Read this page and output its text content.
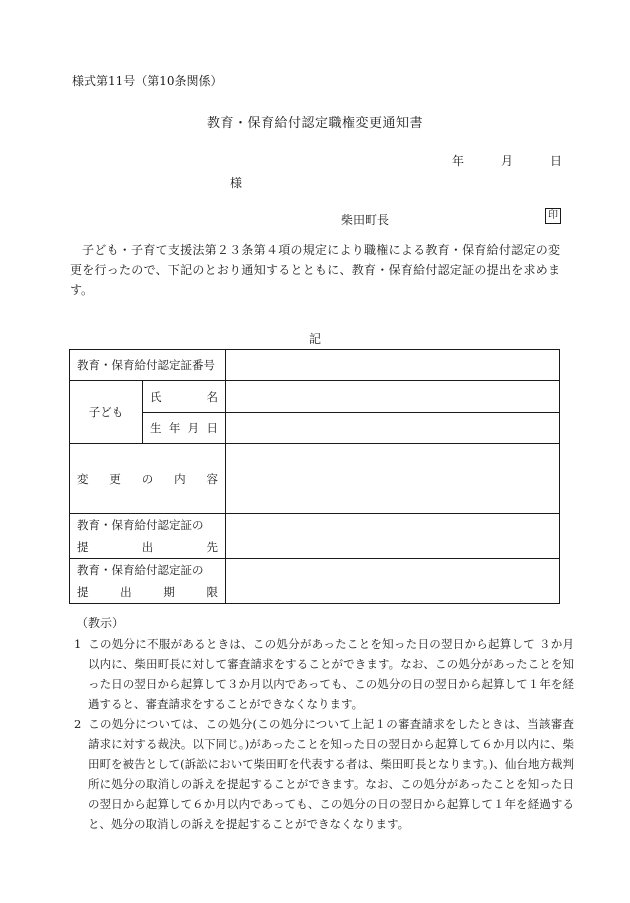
様式第11号（第10条関係）
教育・保育給付認定職権変更通知書
年	月	日
様
柴田町長	印
子ども・子育て支援法第２３条第４項の規定により職権による教育・保育給付認定の変更を行ったので、下記のとおり通知するとともに、教育・保育給付認定証の提出を求めます。
記
教育・保育給付認定証番号		
子ども	氏 名	

	生 年 月 日	

変 更 の 内 容		

教育・保育給付認定証の
提 出 先		

教育・保育給付認定証の
提 出 期 限		

（教示）
1 この処分に不服があるときは、この処分があったことを知った日の翌日から起算して ３か月以内に、柴田町長に対して審査請求をすることができます。なお、この処分があったことを知った日の翌日から起算して３か月以内であっても、この処分の日の翌日から起算して１年を経過すると、審査請求をすることができなくなります。
2 この処分については、この処分(この処分について上記１の審査請求をしたときは、当該審査請求に対する裁決。以下同じ。)があったことを知った日の翌日から起算して６か月以内に、柴田町を被告として(訴訟において柴田町を代表する者は、柴田町長となります。)、仙台地方裁判所に処分の取消しの訴えを提起することができます。なお、この処分があったことを知った日の翌日から起算して６か月以内であっても、この処分の日の翌日から起算して１年を経過すると、処分の取消しの訴えを提起することができなくなります。
